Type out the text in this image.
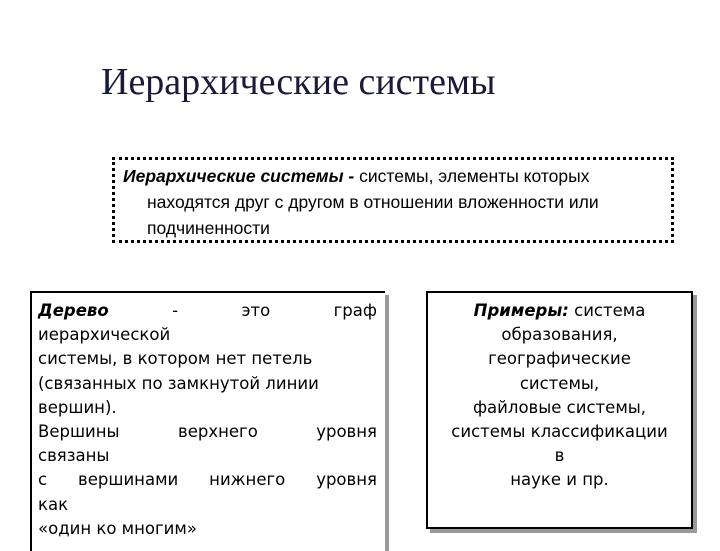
Иерархические системы
Иерархические системы - системы, элементы которых
находятся друг с другом в отношении вложенности или
подчиненности

Дерево	-	это	граф

иерархической

системы, в котором нет петель

(связанных по замкнутой линии

вершин).

Вершины	верхнего	уровня

связаны

с вершинами нижнего уровня

как

«один ко многим»

Примеры: система
образования,
географические
системы,
файловые системы,
системы классификации
в
науке и пр.
